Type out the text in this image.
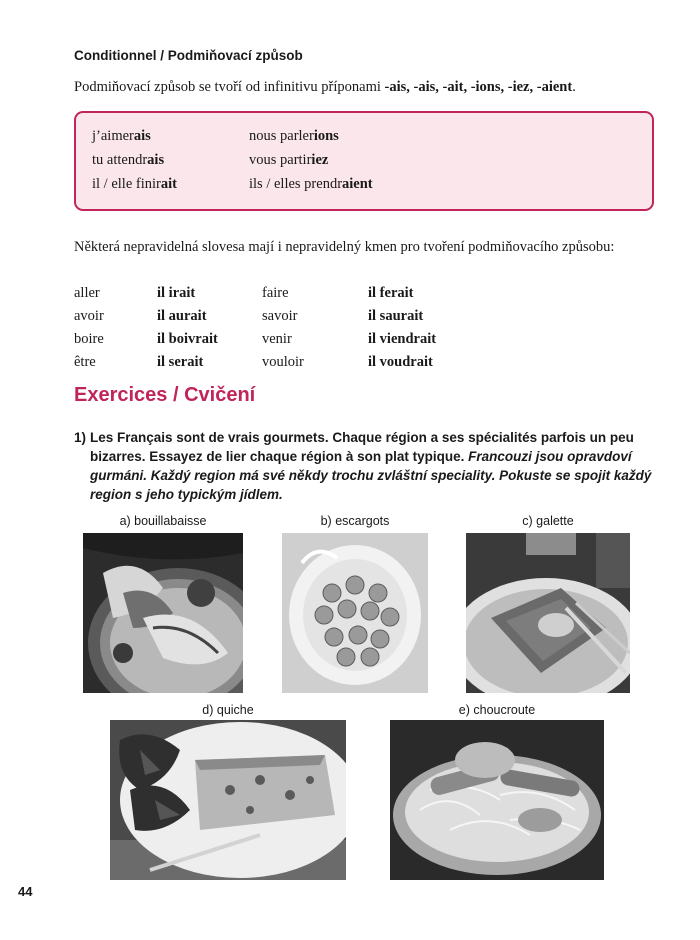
Conditionnel / Podmiňovací způsob
Podmiňovací způsob se tvoří od infinitivu příponami -ais, -ais, -ait, -ions, -iez, -aient.
j’aimerais	nous parlerions
tu attendrais	vous partiriez
il / elle finirait	ils / elles prendraient
Některá nepravidelná slovesa mají i nepravidelný kmen pro tvoření podmiňovacího způsobu:
aller	il irait	faire	il ferait
avoir	il aurait	savoir	il saurait
boire	il boivrait	venir	il viendrait
être	il serait	vouloir	il voudrait
Exercices / Cvičení
1) Les Français sont de vrais gourmets. Chaque région a ses spécialités parfois un peu
bizarres. Essayez de lier chaque région à son plat typique. Francouzi jsou opravdoví
gurmáni. Každý region má své někdy trochu zvláštní speciality. Pokuste se spojit každý
region s jeho typickým jídlem.
a) bouillabaisse	b) escargots	c) galette
d) quiche	e) choucroute
44
